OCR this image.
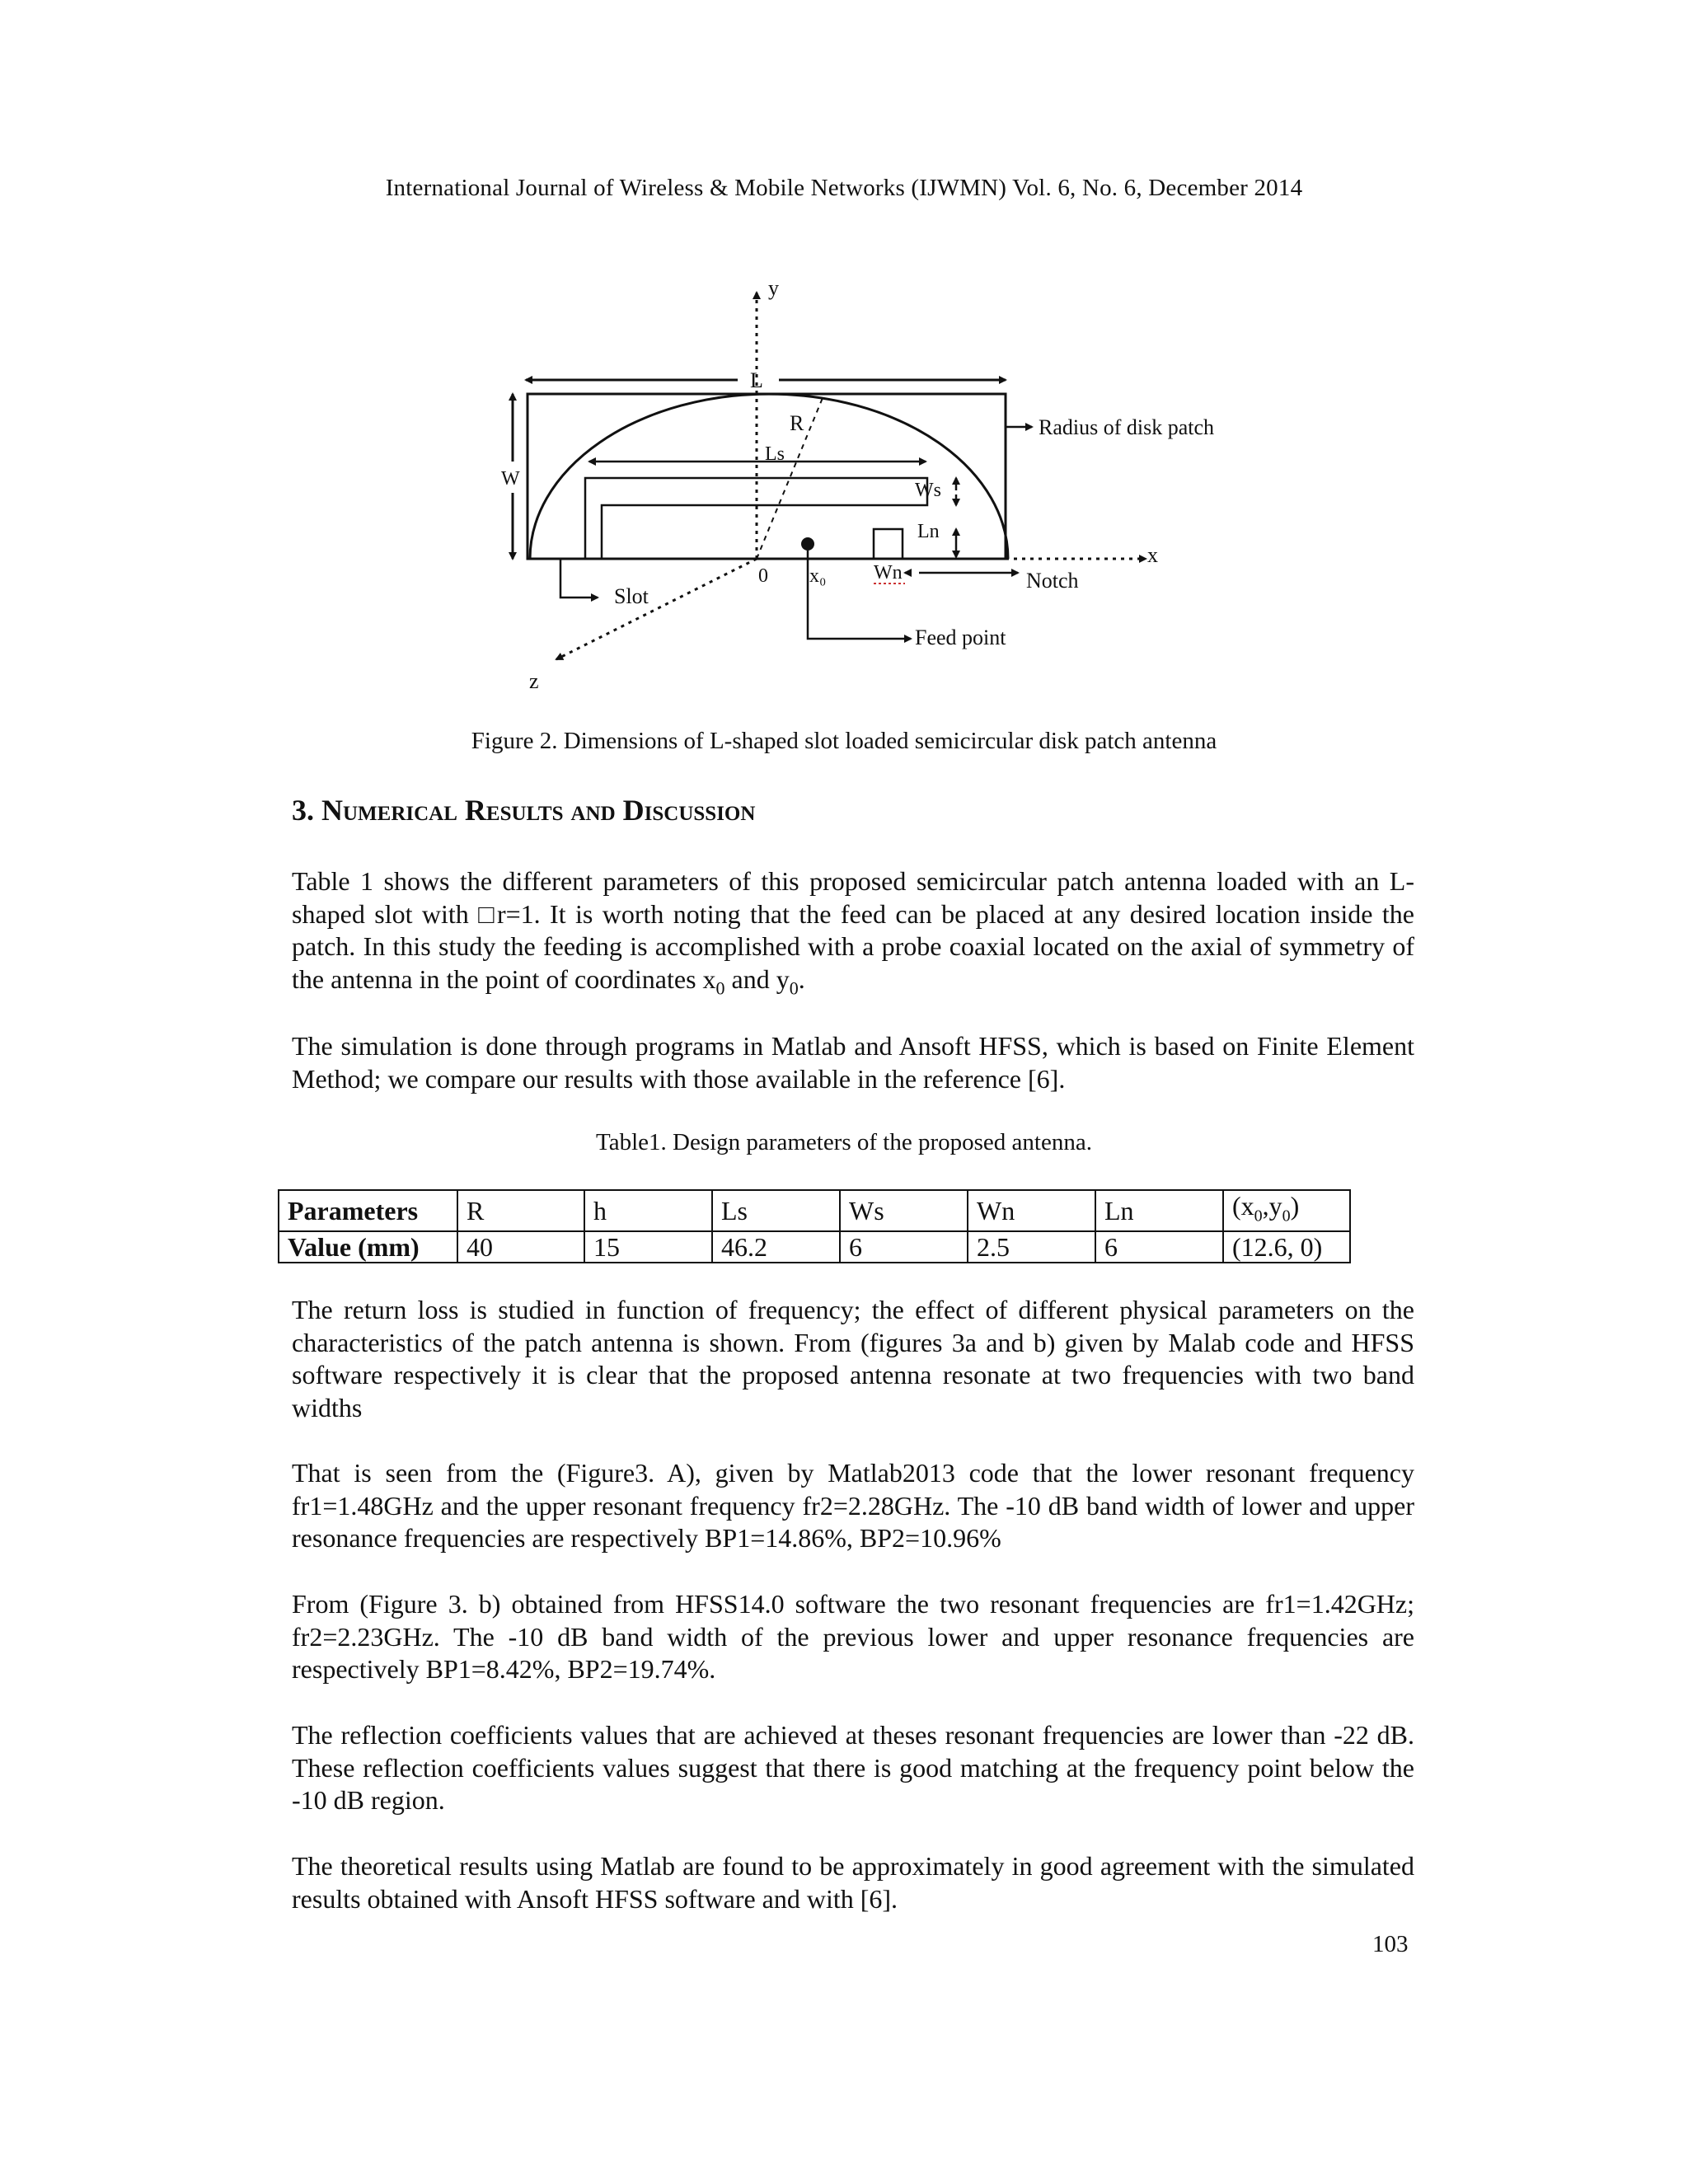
International Journal of Wireless & Mobile Networks (IJWMN) Vol. 6, No. 6, December 2014
y
x
z
L
W
R
Ls
Ws
Ln
Wn
0 x₀
Feed point
Notch
Radius of disk patch
Slot
Figure 2. Dimensions of L-shaped slot loaded semicircular disk patch antenna
3. Numerical Results and Discussion

Table 1 shows the different parameters of this proposed semicircular patch antenna loaded with an L-shaped slot with □r=1. It is worth noting that the feed can be placed at any desired location inside the patch. In this study the feeding is accomplished with a probe coaxial located on the axial of symmetry of the antenna in the point of coordinates $x_0$ and $y_0$.

The simulation is done through programs in Matlab and Ansoft HFSS, which is based on Finite Element Method; we compare our results with those available in the reference [6].

Table1. Design parameters of the proposed antenna.
Parameters	R	h	Ls	Ws	Wn	Ln	$(x_0,y_0)$
Value (mm)	40	15	46.2	6	2.5	6	(12.6, 0)

The return loss is studied in function of frequency; the effect of different physical parameters on the characteristics of the patch antenna is shown. From (figures 3a and b) given by Malab code and HFSS software respectively it is clear that the proposed antenna resonate at two frequencies with two band widths

That is seen from the (Figure3. A), given by Matlab2013 code that the lower resonant frequency fr1=1.48GHz and the upper resonant frequency fr2=2.28GHz. The -10 dB band width of lower and upper resonance frequencies are respectively BP1=14.86%, BP2=10.96%

From (Figure 3. b) obtained from HFSS14.0 software the two resonant frequencies are fr1=1.42GHz; fr2=2.23GHz. The -10 dB band width of the previous lower and upper resonance frequencies are respectively BP1=8.42%, BP2=19.74%.

The reflection coefficients values that are achieved at theses resonant frequencies are lower than -22 dB. These reflection coefficients values suggest that there is good matching at the frequency point below the -10 dB region.

The theoretical results using Matlab are found to be approximately in good agreement with the simulated results obtained with Ansoft HFSS software and with [6].

103
